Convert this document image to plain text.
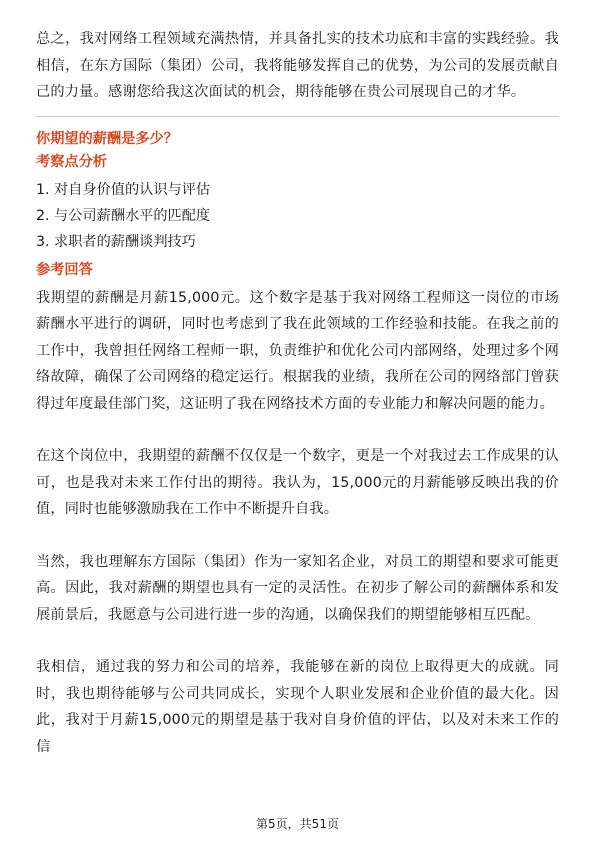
总之，我对网络工程领域充满热情，并具备扎实的技术功底和丰富的实践经验。我相信，在东方国际（集团）公司，我将能够发挥自己的优势，为公司的发展贡献自己的力量。感谢您给我这次面试的机会，期待能够在贵公司展现自己的才华。

你期望的薪酬是多少？
考察点分析
1. 对自身价值的认识与评估
2. 与公司薪酬水平的匹配度
3. 求职者的薪酬谈判技巧
参考回答

我期望的薪酬是月薪15,000元。这个数字是基于我对网络工程师这一岗位的市场薪酬水平进行的调研，同时也考虑到了我在此领域的工作经验和技能。在我之前的工作中，我曾担任网络工程师一职，负责维护和优化公司内部网络，处理过多个网络故障，确保了公司网络的稳定运行。根据我的业绩，我所在公司的网络部门曾获得过年度最佳部门奖，这证明了我在网络技术方面的专业能力和解决问题的能力。

在这个岗位中，我期望的薪酬不仅仅是一个数字，更是一个对我过去工作成果的认可，也是我对未来工作付出的期待。我认为，15,000元的月薪能够反映出我的价值，同时也能够激励我在工作中不断提升自我。

当然，我也理解东方国际（集团）作为一家知名企业，对员工的期望和要求可能更高。因此，我对薪酬的期望也具有一定的灵活性。在初步了解公司的薪酬体系和发展前景后，我愿意与公司进行进一步的沟通，以确保我们的期望能够相互匹配。

我相信，通过我的努力和公司的培养，我能够在新的岗位上取得更大的成就。同时，我也期待能够与公司共同成长，实现个人职业发展和企业价值的最大化。因此，我对于月薪15,000元的期望是基于我对自身价值的评估，以及对未来工作的信

第5页，共51页
